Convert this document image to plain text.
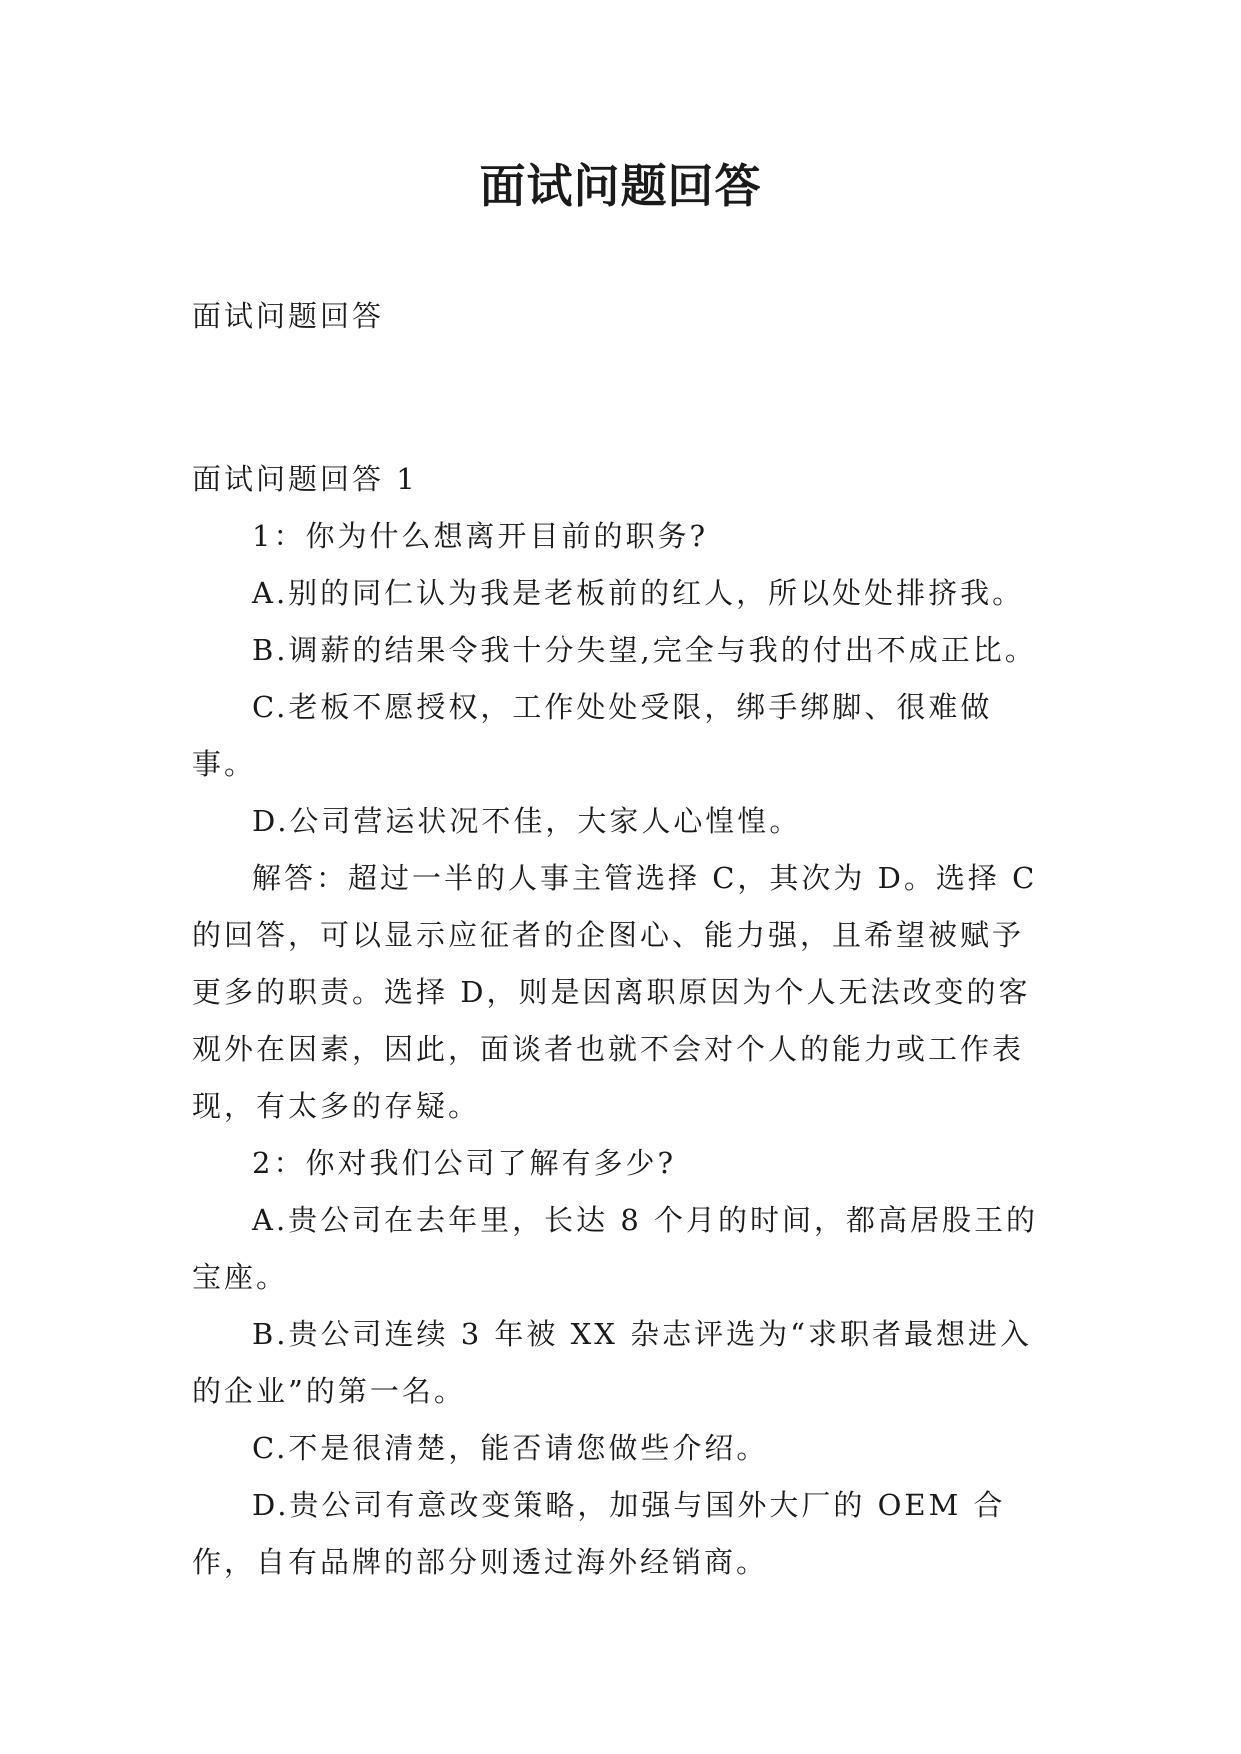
面试问题回答

面试问题回答

面试问题回答 1

1：你为什么想离开目前的职务?

A.别的同仁认为我是老板前的红人，所以处处排挤我。

B.调薪的结果令我十分失望,完全与我的付出不成正比。

C.老板不愿授权，工作处处受限，绑手绑脚、很难做事。

D.公司营运状况不佳，大家人心惶惶。

解答：超过一半的人事主管选择 C，其次为 D。选择 C 的回答，可以显示应征者的企图心、能力强，且希望被赋予更多的职责。选择 D，则是因离职原因为个人无法改变的客观外在因素，因此，面谈者也就不会对个人的能力或工作表现，有太多的存疑。

2：你对我们公司了解有多少?

A.贵公司在去年里，长达 8 个月的时间，都高居股王的宝座。

B.贵公司连续 3 年被 XX 杂志评选为“求职者最想进入的企业”的第一名。

C.不是很清楚，能否请您做些介绍。

D.贵公司有意改变策略，加强与国外大厂的 OEM 合作，自有品牌的部分则透过海外经销商。
